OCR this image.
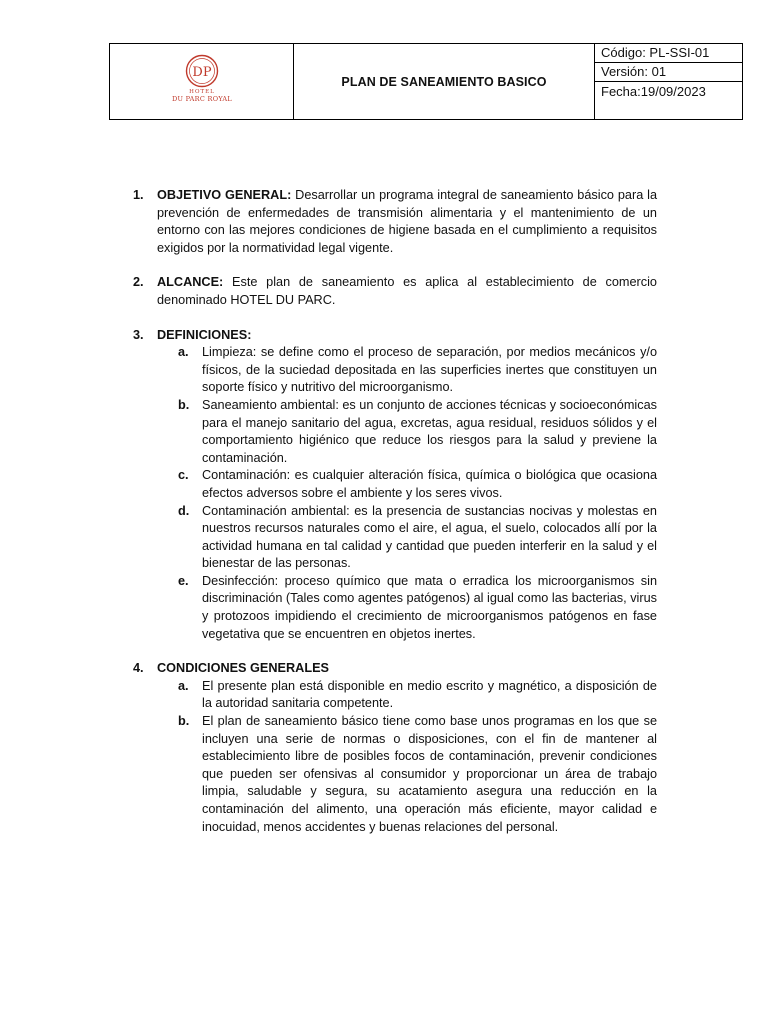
DP
HOTEL
DU PARC ROYAL
PLAN DE SANEAMIENTO BASICO
Código: PL-SSI-01
Versión: 01
Fecha:19/09/2023
1. OBJETIVO GENERAL: Desarrollar un programa integral de saneamiento básico para la prevención de enfermedades de transmisión alimentaria y el mantenimiento de un entorno con las mejores condiciones de higiene basada en el cumplimiento a requisitos exigidos por la normatividad legal vigente.
2. ALCANCE: Este plan de saneamiento es aplica al establecimiento de comercio denominado HOTEL DU PARC.
3. DEFINICIONES:
a. Limpieza: se define como el proceso de separación, por medios mecánicos y/o físicos, de la suciedad depositada en las superficies inertes que constituyen un soporte físico y nutritivo del microorganismo.
b. Saneamiento ambiental: es un conjunto de acciones técnicas y socioeconómicas para el manejo sanitario del agua, excretas, agua residual, residuos sólidos y el comportamiento higiénico que reduce los riesgos para la salud y previene la contaminación.
c. Contaminación: es cualquier alteración física, química o biológica que ocasiona efectos adversos sobre el ambiente y los seres vivos.
d. Contaminación ambiental: es la presencia de sustancias nocivas y molestas en nuestros recursos naturales como el aire, el agua, el suelo, colocados allí por la actividad humana en tal calidad y cantidad que pueden interferir en la salud y el bienestar de las personas.
e. Desinfección: proceso químico que mata o erradica los microorganismos sin discriminación (Tales como agentes patógenos) al igual como las bacterias, virus y protozoos impidiendo el crecimiento de microorganismos patógenos en fase vegetativa que se encuentren en objetos inertes.
4. CONDICIONES GENERALES
a. El presente plan está disponible en medio escrito y magnético, a disposición de la autoridad sanitaria competente.
b. El plan de saneamiento básico tiene como base unos programas en los que se incluyen una serie de normas o disposiciones, con el fin de mantener al establecimiento libre de posibles focos de contaminación, prevenir condiciones que pueden ser ofensivas al consumidor y proporcionar un área de trabajo limpia, saludable y segura, su acatamiento asegura una reducción en la contaminación del alimento, una operación más eficiente, mayor calidad e inocuidad, menos accidentes y buenas relaciones del personal.
